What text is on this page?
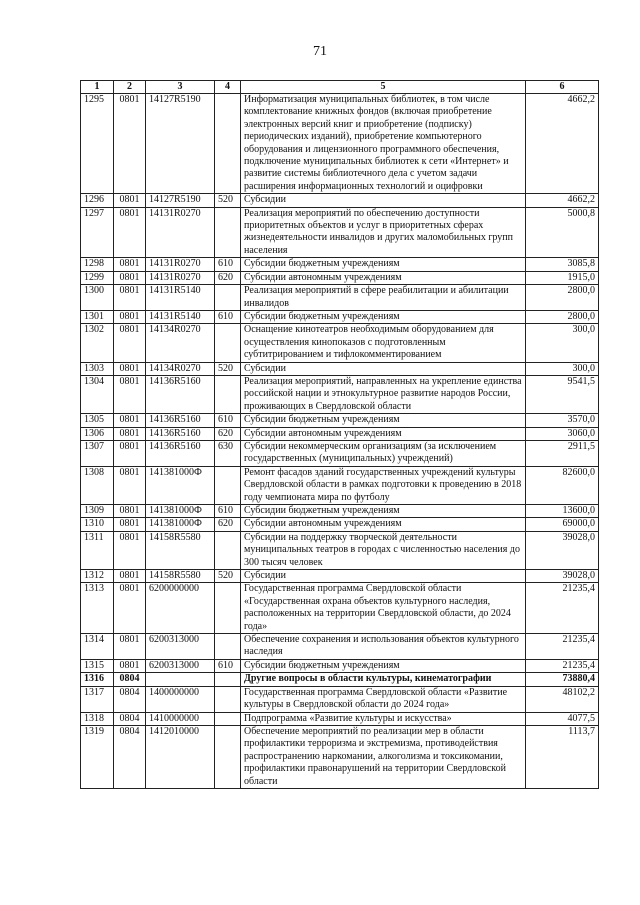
71
1	2	3	4	5	6
1295	0801	14127R5190		Информатизация муниципальных библиотек, в том числе комплектование книжных фондов (включая приобретение электронных версий книг и приобретение (подписку) периодических изданий), приобретение компьютерного оборудования и лицензионного программного обеспечения, подключение муниципальных библиотек к сети «Интернет» и развитие системы библиотечного дела с учетом задачи расширения информационных технологий и оцифровки	4662,2
1296	0801	14127R5190	520	Субсидии	4662,2
1297	0801	14131R0270		Реализация мероприятий по обеспечению доступности приоритетных объектов и услуг в приоритетных сферах жизнедеятельности инвалидов и других маломобильных групп населения	5000,8
1298	0801	14131R0270	610	Субсидии бюджетным учреждениям	3085,8
1299	0801	14131R0270	620	Субсидии автономным учреждениям	1915,0
1300	0801	14131R5140		Реализация мероприятий в сфере реабилитации и абилитации инвалидов	2800,0
1301	0801	14131R5140	610	Субсидии бюджетным учреждениям	2800,0
1302	0801	14134R0270		Оснащение кинотеатров необходимым оборудованием для осуществления кинопоказов с подготовленным субтитрированием и тифлокомментированием	300,0
1303	0801	14134R0270	520	Субсидии	300,0
1304	0801	14136R5160		Реализация мероприятий, направленных на укрепление единства российской нации и этнокультурное развитие народов России, проживающих в Свердловской области	9541,5
1305	0801	14136R5160	610	Субсидии бюджетным учреждениям	3570,0
1306	0801	14136R5160	620	Субсидии автономным учреждениям	3060,0
1307	0801	14136R5160	630	Субсидии некоммерческим организациям (за исключением государственных (муниципальных) учреждений)	2911,5
1308	0801	141381000Ф		Ремонт фасадов зданий государственных учреждений культуры Свердловской области в рамках подготовки к проведению в 2018 году чемпионата мира по футболу	82600,0
1309	0801	141381000Ф	610	Субсидии бюджетным учреждениям	13600,0
1310	0801	141381000Ф	620	Субсидии автономным учреждениям	69000,0
1311	0801	14158R5580		Субсидии на поддержку творческой деятельности муниципальных театров в городах с численностью населения до 300 тысяч человек	39028,0
1312	0801	14158R5580	520	Субсидии	39028,0
1313	0801	6200000000		Государственная программа Свердловской области «Государственная охрана объектов культурного наследия, расположенных на территории Свердловской области, до 2024 года»	21235,4
1314	0801	6200313000		Обеспечение сохранения и использования объектов культурного наследия	21235,4
1315	0801	6200313000	610	Субсидии бюджетным учреждениям	21235,4
1316	0804			Другие вопросы в области культуры, кинематографии	73880,4
1317	0804	1400000000		Государственная программа Свердловской области «Развитие культуры в Свердловской области до 2024 года»	48102,2
1318	0804	1410000000		Подпрограмма «Развитие культуры и искусства»	4077,5
1319	0804	1412010000		Обеспечение мероприятий по реализации мер в области профилактики терроризма и экстремизма, противодействия распространению наркомании, алкоголизма и токсикомании, профилактики правонарушений на территории Свердловской области	1113,7
